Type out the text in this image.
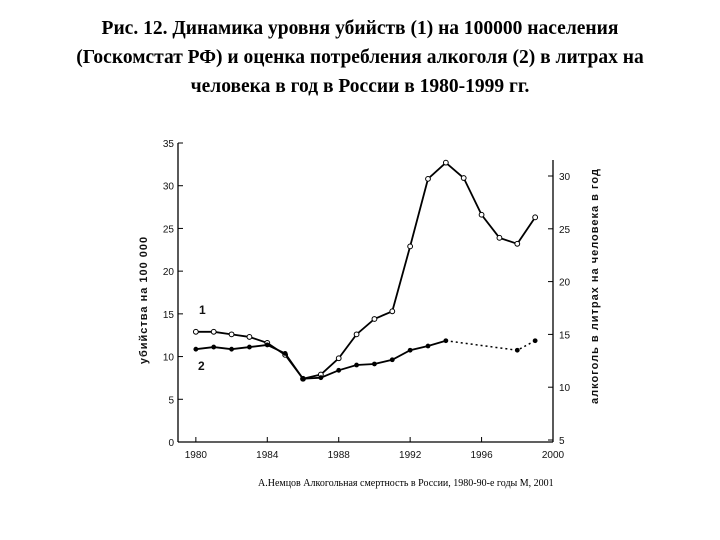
Рис. 12. Динамика уровня убийств (1) на 100000 населения
(Госкомстат РФ) и оценка потребления алкоголя (2) в литрах на
человека в год в России в 1980-1999 гг.
0
5
10
15
20
25
30
35
5
10
15
20
25
30
1980	1984	1988	1992	1996	2000
убийства на 100 000	алкоголь в литрах на человека в год
1
2
А.Немцов Алкогольная смертность в России, 1980-90-е годы М, 2001
